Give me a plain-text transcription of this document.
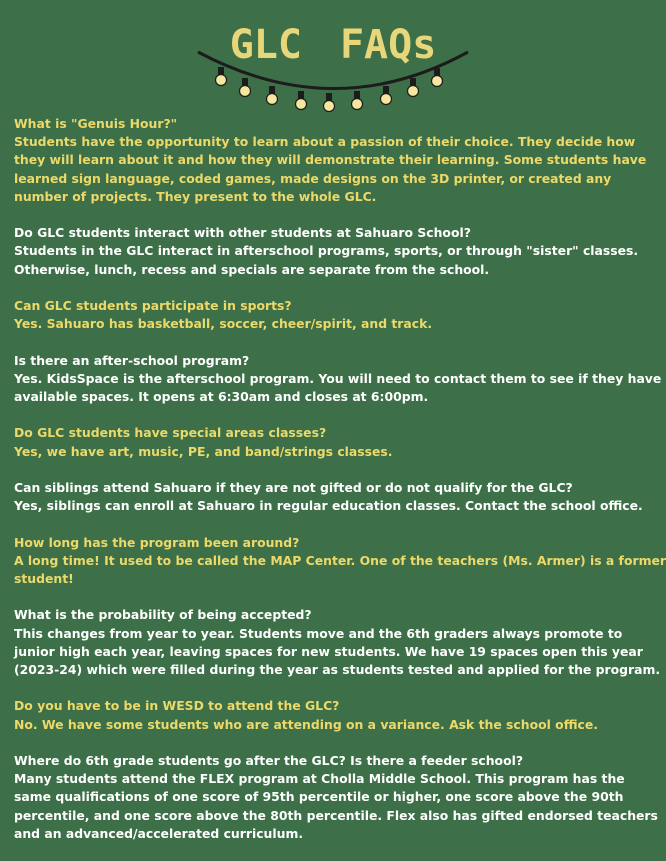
GLC FAQs

What is "Genuis Hour?"

Students have the opportunity to learn about a passion of their choice. They decide how they will learn about it and how they will demonstrate their learning. Some students have learned sign language, coded games, made designs on the 3D printer, or created any number of projects. They present to the whole GLC.

Do GLC students interact with other students at Sahuaro School?

Students in the GLC interact in afterschool programs, sports, or through "sister" classes. Otherwise, lunch, recess and specials are separate from the school.

Can GLC students participate in sports?

Yes. Sahuaro has basketball, soccer, cheer/spirit, and track.

Is there an after-school program?

Yes. KidsSpace is the afterschool program. You will need to contact them to see if they have available spaces. It opens at 6:30am and closes at 6:00pm.

Do GLC students have special areas classes?

Yes, we have art, music, PE, and band/strings classes.

Can siblings attend Sahuaro if they are not gifted or do not qualify for the GLC?

Yes, siblings can enroll at Sahuaro in regular education classes. Contact the school office.

How long has the program been around?

A long time! It used to be called the MAP Center. One of the teachers (Ms. Armer) is a former student!

What is the probability of being accepted?

This changes from year to year. Students move and the 6th graders always promote to junior high each year, leaving spaces for new students. We have 19 spaces open this year (2023-24) which were filled during the year as students tested and applied for the program.

Do you have to be in WESD to attend the GLC?

No. We have some students who are attending on a variance. Ask the school office.

Where do 6th grade students go after the GLC? Is there a feeder school?

Many students attend the FLEX program at Cholla Middle School. This program has the same qualifications of one score of 95th percentile or higher, one score above the 90th percentile, and one score above the 80th percentile. Flex also has gifted endorsed teachers and an advanced/accelerated curriculum.
